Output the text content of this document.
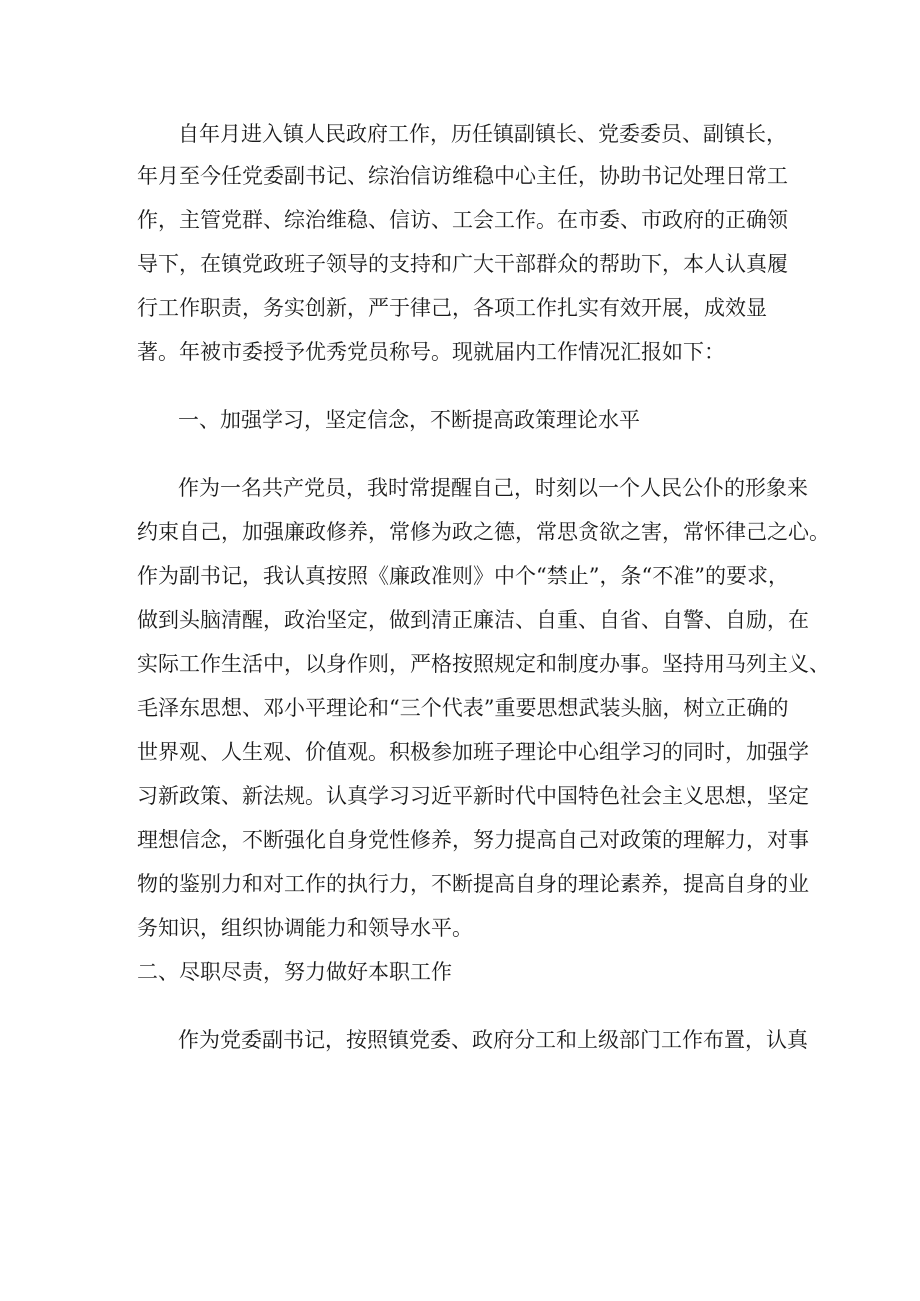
自年月进入镇人民政府工作，历任镇副镇长、党委委员、副镇长，

年月至今任党委副书记、综治信访维稳中心主任，协助书记处理日常工

作，主管党群、综治维稳、信访、工会工作。在市委、市政府的正确领

导下，在镇党政班子领导的支持和广大干部群众的帮助下，本人认真履

行工作职责，务实创新，严于律己，各项工作扎实有效开展，成效显

著。年被市委授予优秀党员称号。现就届内工作情况汇报如下：

一、加强学习，坚定信念，不断提高政策理论水平

作为一名共产党员，我时常提醒自己，时刻以一个人民公仆的形象来

约束自己，加强廉政修养，常修为政之德，常思贪欲之害，常怀律己之心。

作为副书记，我认真按照《廉政准则》中个“禁止”，条“不准”的要求，

做到头脑清醒，政治坚定，做到清正廉洁、自重、自省、自警、自励，在

实际工作生活中，以身作则，严格按照规定和制度办事。坚持用马列主义、

毛泽东思想、邓小平理论和“三个代表”重要思想武装头脑，树立正确的

世界观、人生观、价值观。积极参加班子理论中心组学习的同时，加强学

习新政策、新法规。认真学习习近平新时代中国特色社会主义思想，坚定

理想信念，不断强化自身党性修养，努力提高自己对政策的理解力，对事

物的鉴别力和对工作的执行力，不断提高自身的理论素养，提高自身的业

务知识，组织协调能力和领导水平。

二、尽职尽责，努力做好本职工作

作为党委副书记，按照镇党委、政府分工和上级部门工作布置，认真
